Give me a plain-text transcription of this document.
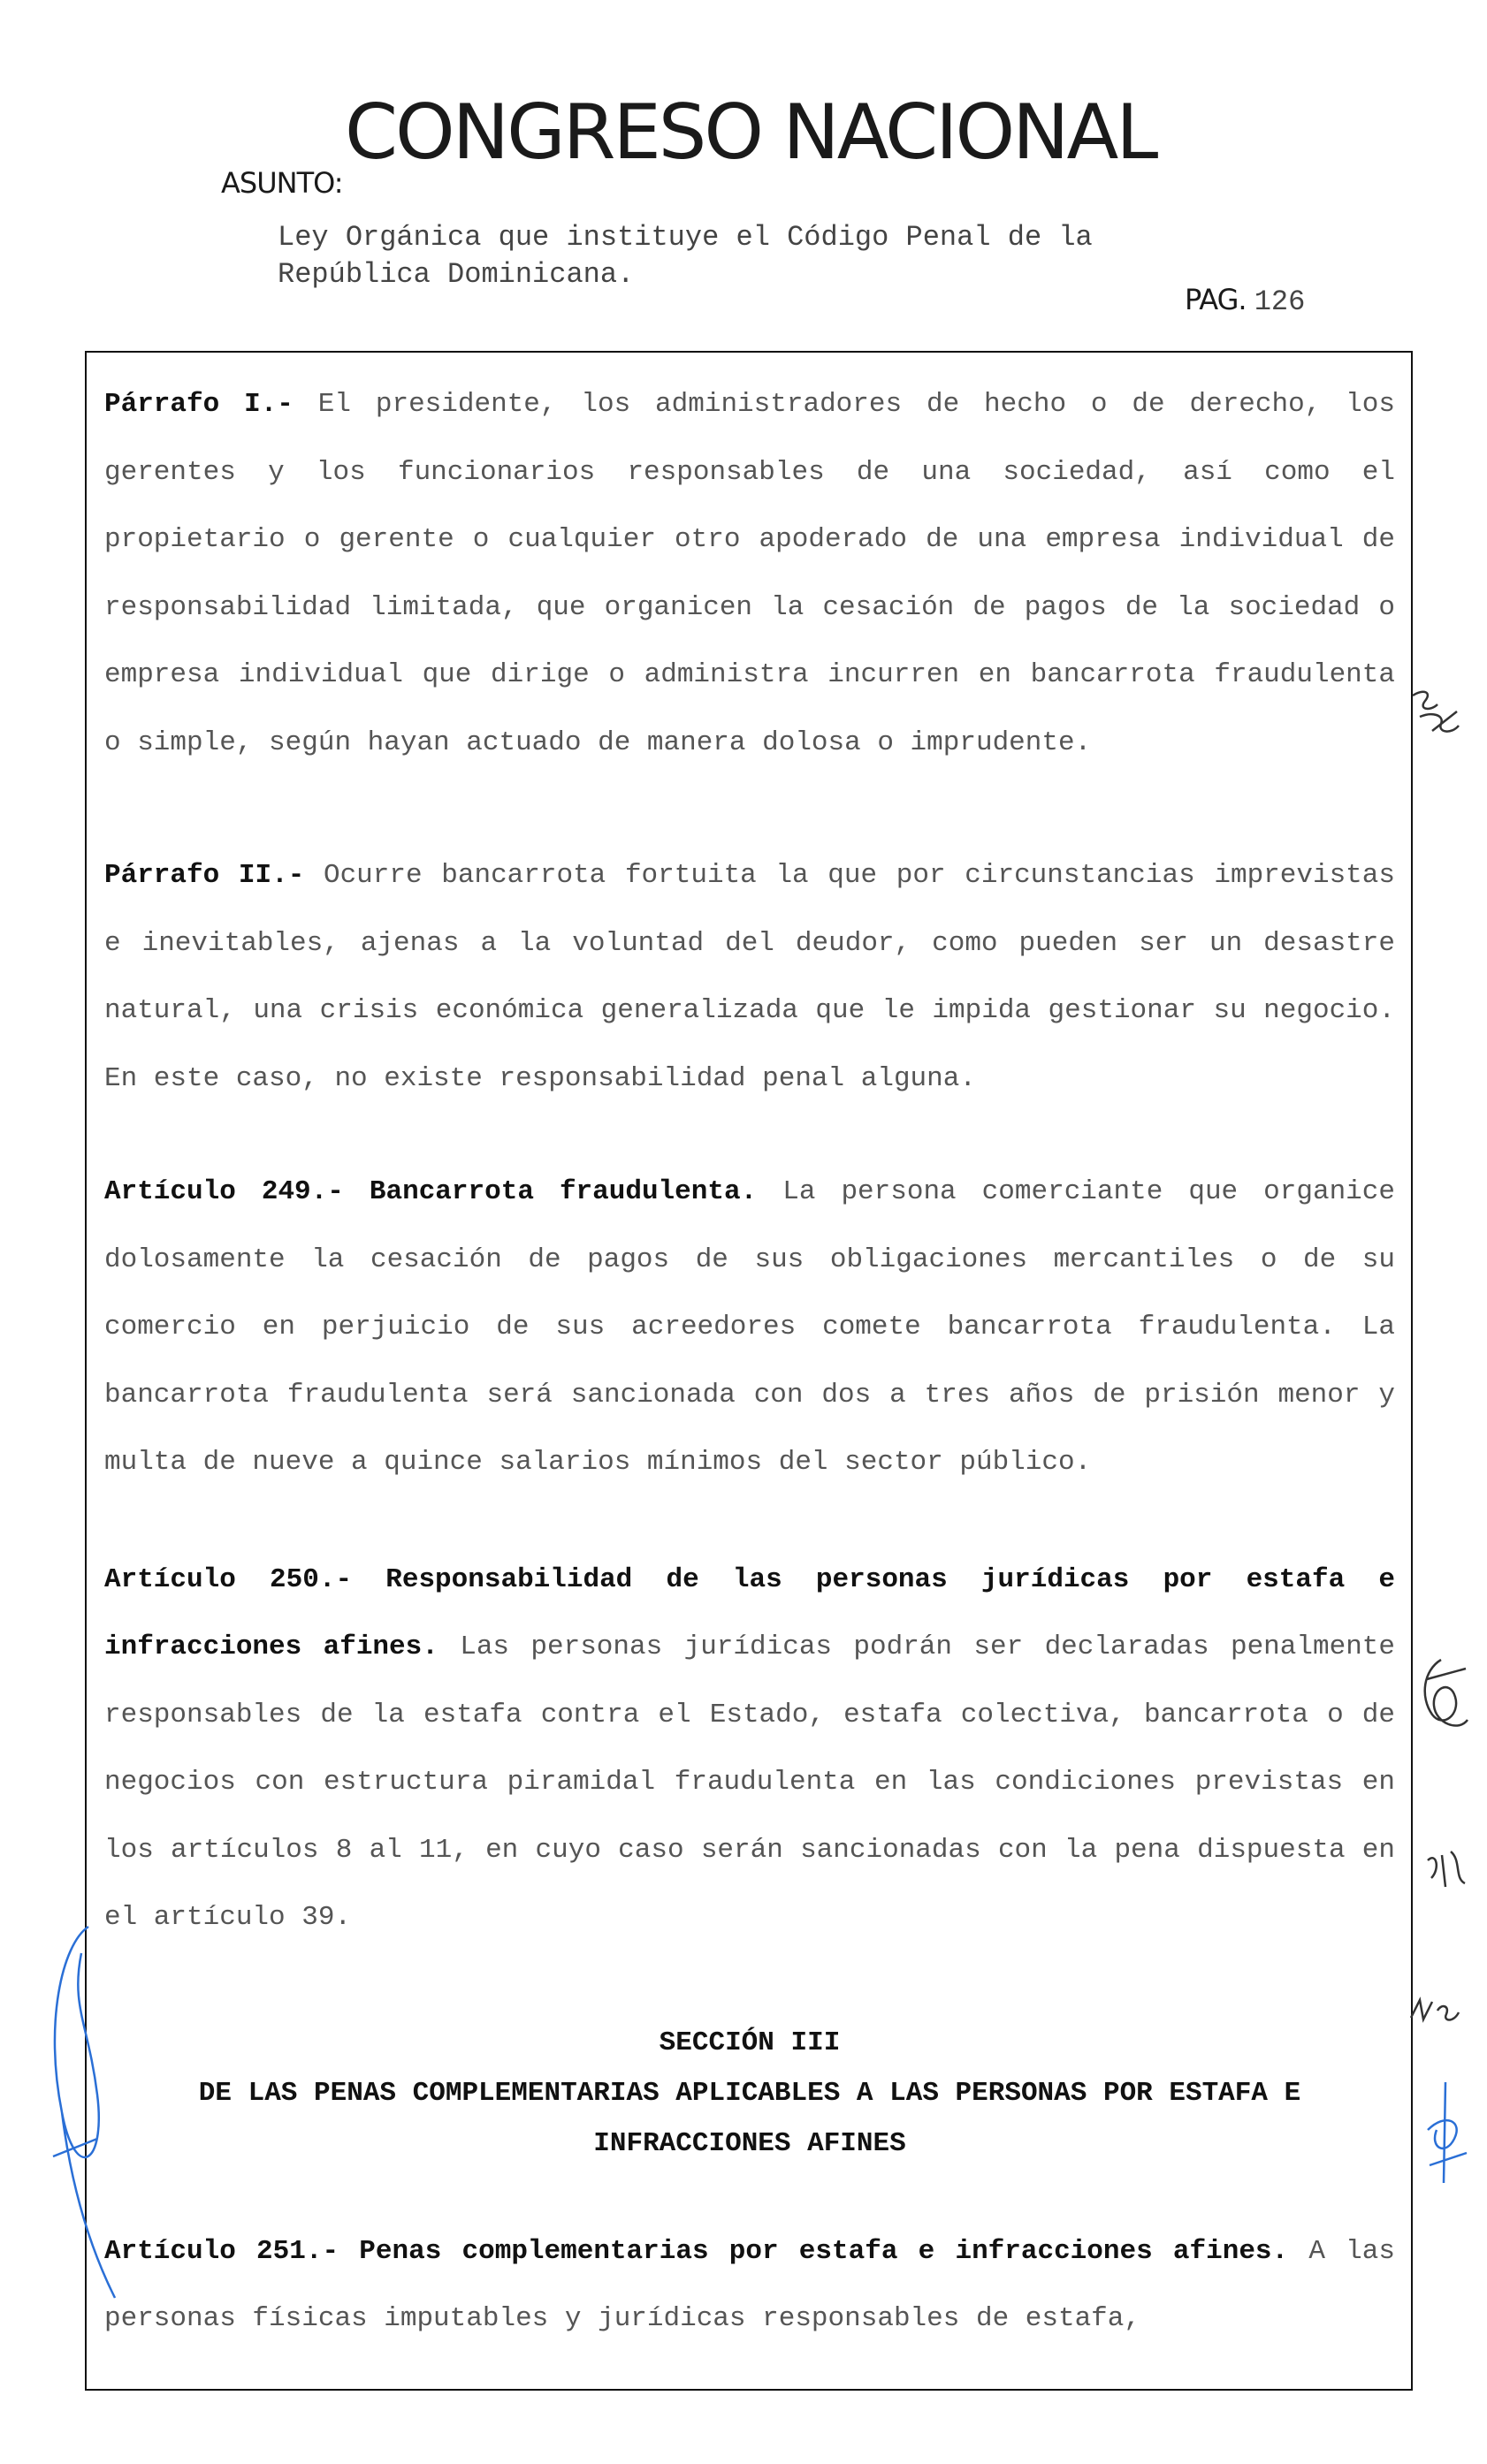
CONGRESO NACIONAL
ASUNTO:
Ley Orgánica que instituye el Código Penal de la
República Dominicana.
PAG. 126

Párrafo I.- El presidente, los administradores de hecho o de derecho, los gerentes y los funcionarios responsables de una sociedad, así como el propietario o gerente o cualquier otro apoderado de una empresa individual de responsabilidad limitada, que organicen la cesación de pagos de la sociedad o empresa individual que dirige o administra incurren en bancarrota fraudulenta o simple, según hayan actuado de manera dolosa o imprudente.

Párrafo II.- Ocurre bancarrota fortuita la que por circunstancias imprevistas e inevitables, ajenas a la voluntad del deudor, como pueden ser un desastre natural, una crisis económica generalizada que le impida gestionar su negocio. En este caso, no existe responsabilidad penal alguna.

Artículo 249.- Bancarrota fraudulenta. La persona comerciante que organice dolosamente la cesación de pagos de sus obligaciones mercantiles o de su comercio en perjuicio de sus acreedores comete bancarrota fraudulenta. La bancarrota fraudulenta será sancionada con dos a tres años de prisión menor y multa de nueve a quince salarios mínimos del sector público.

Artículo 250.- Responsabilidad de las personas jurídicas por estafa e infracciones afines. Las personas jurídicas podrán ser declaradas penalmente responsables de la estafa contra el Estado, estafa colectiva, bancarrota o de negocios con estructura piramidal fraudulenta en las condiciones previstas en los artículos 8 al 11, en cuyo caso serán sancionadas con la pena dispuesta en el artículo 39.

SECCIÓN III

DE LAS PENAS COMPLEMENTARIAS APLICABLES A LAS PERSONAS POR ESTAFA E

INFRACCIONES AFINES

Artículo 251.- Penas complementarias por estafa e infracciones afines. A las personas físicas imputables y jurídicas responsables de estafa,
